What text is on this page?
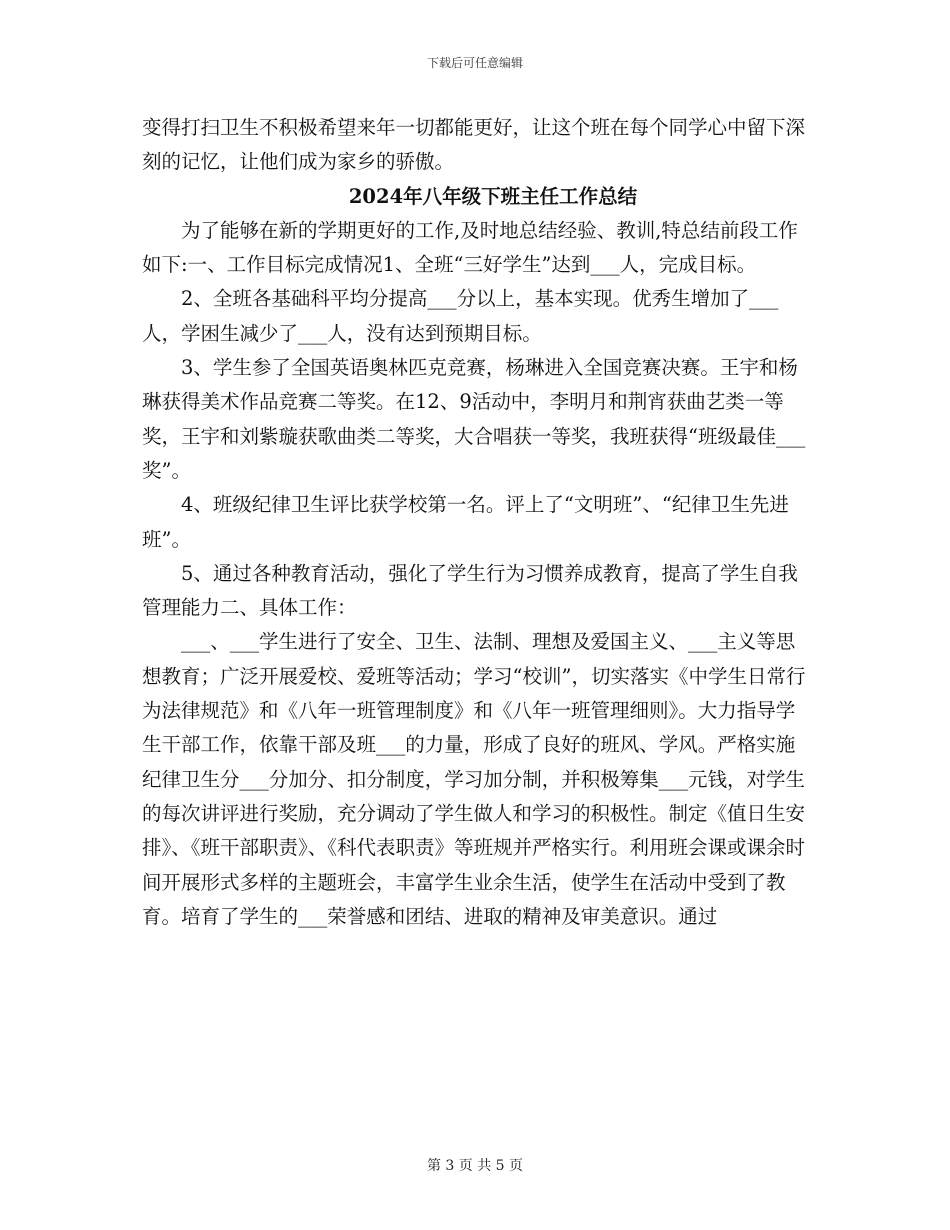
下载后可任意编辑

变得打扫卫生不积极希望来年一切都能更好，让这个班在每个同学心中留下深刻的记忆，让他们成为家乡的骄傲。

2024年八年级下班主任工作总结

为了能够在新的学期更好的工作,及时地总结经验、教训,特总结前段工作如下:一、工作目标完成情况1、全班“三好学生”达到___人，完成目标。

2、全班各基础科平均分提高___分以上，基本实现。优秀生增加了___人，学困生减少了___人，没有达到预期目标。

3、学生参了全国英语奥林匹克竞赛，杨琳进入全国竞赛决赛。王宇和杨琳获得美术作品竞赛二等奖。在12、9活动中，李明月和荆宵获曲艺类一等奖，王宇和刘紫璇获歌曲类二等奖，大合唱获一等奖，我班获得“班级最佳___奖”。

4、班级纪律卫生评比获学校第一名。评上了“文明班”、“纪律卫生先进班”。

5、通过各种教育活动，强化了学生行为习惯养成教育，提高了学生自我管理能力二、具体工作：

___、___学生进行了安全、卫生、法制、理想及爱国主义、___主义等思想教育；广泛开展爱校、爱班等活动；学习“校训”，切实落实《中学生日常行为法律规范》和《八年一班管理制度》和《八年一班管理细则》。大力指导学生干部工作，依靠干部及班___的力量，形成了良好的班风、学风。严格实施纪律卫生分___分加分、扣分制度，学习加分制，并积极筹集___元钱，对学生的每次讲评进行奖励，充分调动了学生做人和学习的积极性。制定《值日生安排》、《班干部职责》、《科代表职责》等班规并严格实行。利用班会课或课余时间开展形式多样的主题班会，丰富学生业余生活，使学生在活动中受到了教育。培育了学生的___荣誉感和团结、进取的精神及审美意识。通过

第 3 页 共 5 页
